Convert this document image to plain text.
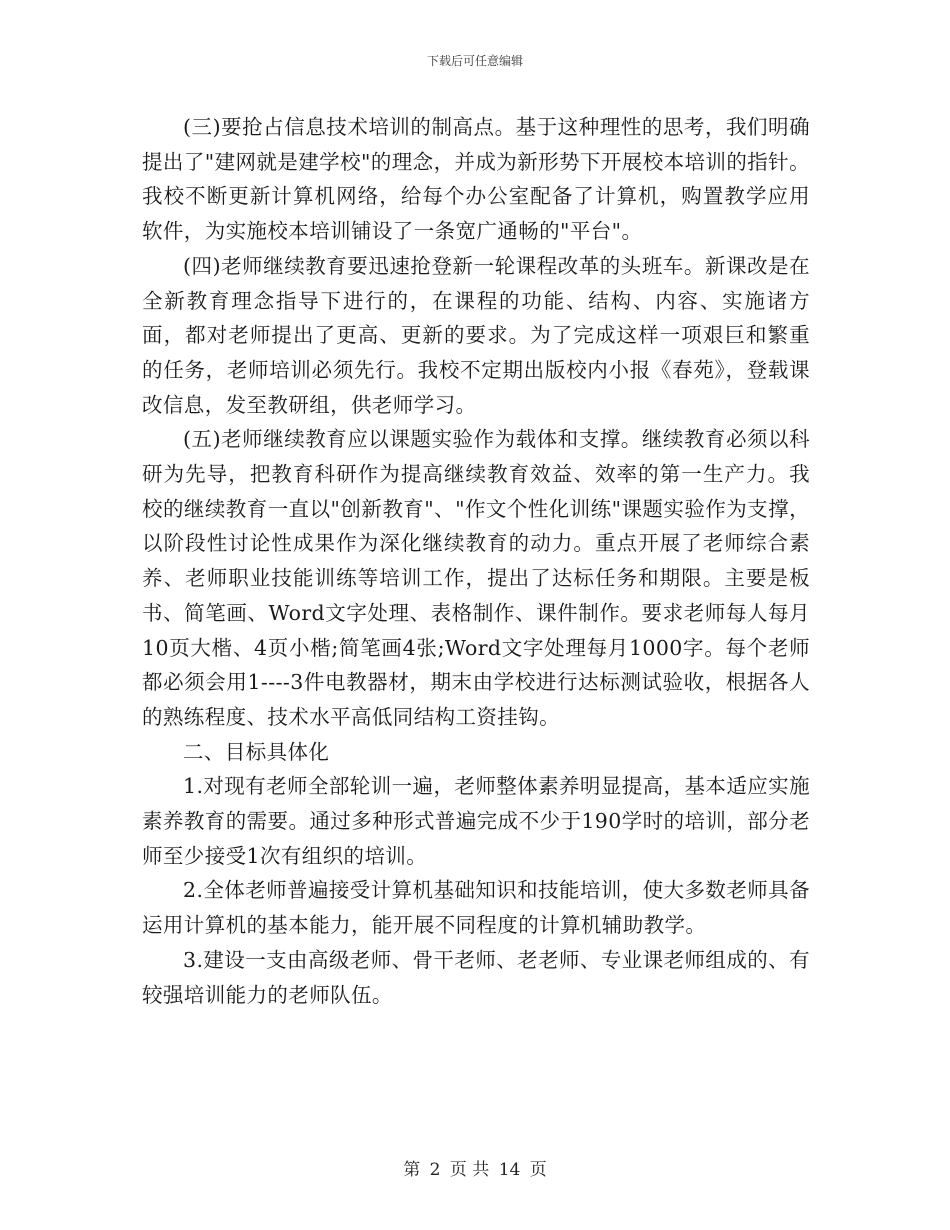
下载后可任意编辑

(三)要抢占信息技术培训的制高点。基于这种理性的思考，我们明确提出了"建网就是建学校"的理念，并成为新形势下开展校本培训的指针。我校不断更新计算机网络，给每个办公室配备了计算机，购置教学应用软件，为实施校本培训铺设了一条宽广通畅的"平台"。

(四)老师继续教育要迅速抢登新一轮课程改革的头班车。新课改是在全新教育理念指导下进行的，在课程的功能、结构、内容、实施诸方面，都对老师提出了更高、更新的要求。为了完成这样一项艰巨和繁重的任务，老师培训必须先行。我校不定期出版校内小报《春苑》，登载课改信息，发至教研组，供老师学习。

(五)老师继续教育应以课题实验作为载体和支撑。继续教育必须以科研为先导，把教育科研作为提高继续教育效益、效率的第一生产力。我校的继续教育一直以"创新教育"、"作文个性化训练"课题实验作为支撑，以阶段性讨论性成果作为深化继续教育的动力。重点开展了老师综合素养、老师职业技能训练等培训工作，提出了达标任务和期限。主要是板书、简笔画、Word文字处理、表格制作、课件制作。要求老师每人每月10页大楷、4页小楷;简笔画4张;Word文字处理每月1000字。每个老师都必须会用1----3件电教器材，期末由学校进行达标测试验收，根据各人的熟练程度、技术水平高低同结构工资挂钩。

二、目标具体化

1.对现有老师全部轮训一遍，老师整体素养明显提高，基本适应实施素养教育的需要。通过多种形式普遍完成不少于190学时的培训，部分老师至少接受1次有组织的培训。

2.全体老师普遍接受计算机基础知识和技能培训，使大多数老师具备运用计算机的基本能力，能开展不同程度的计算机辅助教学。

3.建设一支由高级老师、骨干老师、老老师、专业课老师组成的、有较强培训能力的老师队伍。

第 2 页 共 14 页
